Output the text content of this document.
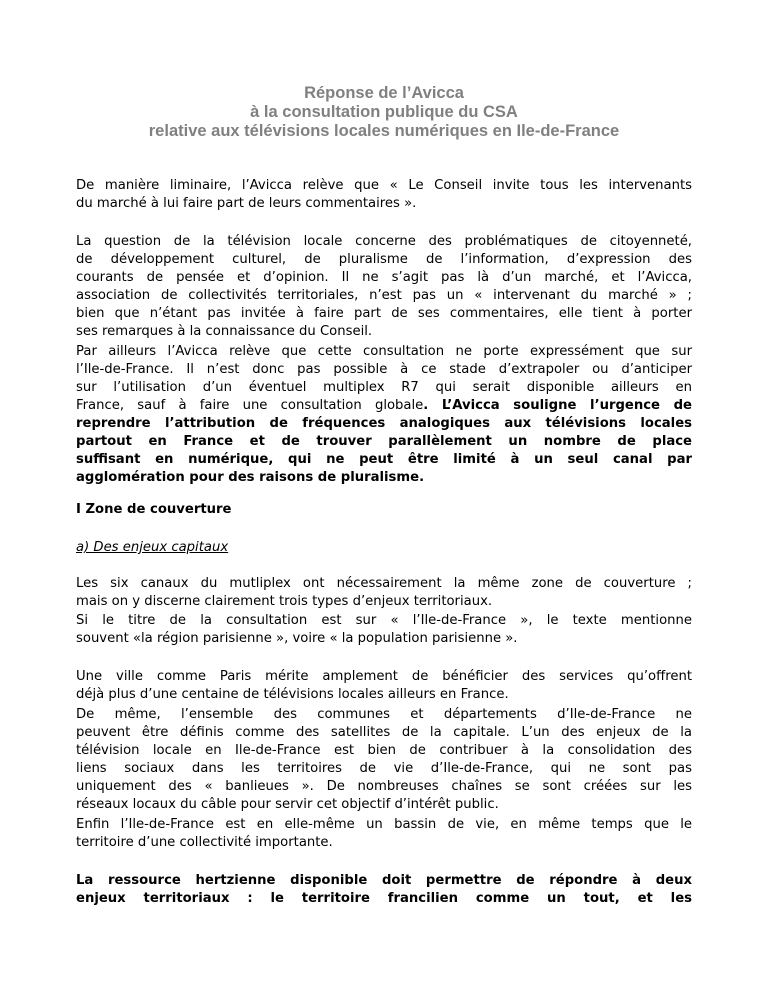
Réponse de l’Avicca
à la consultation publique du CSA
relative aux télévisions locales numériques en Ile-de-France

De manière liminaire, l’Avicca relève que « Le Conseil invite tous les intervenants
du marché à lui faire part de leurs commentaires ».

La question de la télévision locale concerne des problématiques de citoyenneté,
de développement culturel, de pluralisme de l’information, d’expression des
courants de pensée et d’opinion. Il ne s’agit pas là d’un marché, et l’Avicca,
association de collectivités territoriales, n’est pas un « intervenant du marché » ;
bien que n’étant pas invitée à faire part de ses commentaires, elle tient à porter
ses remarques à la connaissance du Conseil.

Par ailleurs l’Avicca relève que cette consultation ne porte expressément que sur
l’Ile-de-France. Il n’est donc pas possible à ce stade d’extrapoler ou d’anticiper
sur l’utilisation d’un éventuel multiplex R7 qui serait disponible ailleurs en
France, sauf à faire une consultation globale. L’Avicca souligne l’urgence de
reprendre l’attribution de fréquences analogiques aux télévisions locales
partout en France et de trouver parallèlement un nombre de place
suffisant en numérique, qui ne peut être limité à un seul canal par
agglomération pour des raisons de pluralisme.

I Zone de couverture
a) Des enjeux capitaux

Les six canaux du mutliplex ont nécessairement la même zone de couverture ;
mais on y discerne clairement trois types d’enjeux territoriaux.

Si le titre de la consultation est sur « l’Ile-de-France », le texte mentionne
souvent «la région parisienne », voire « la population parisienne ».

Une ville comme Paris mérite amplement de bénéficier des services qu’offrent
déjà plus d’une centaine de télévisions locales ailleurs en France.

De même, l’ensemble des communes et départements d’Ile-de-France ne
peuvent être définis comme des satellites de la capitale. L’un des enjeux de la
télévision locale en Ile-de-France est bien de contribuer à la consolidation des
liens sociaux dans les territoires de vie d’Ile-de-France, qui ne sont pas
uniquement des « banlieues ». De nombreuses chaînes se sont créées sur les
réseaux locaux du câble pour servir cet objectif d’intérêt public.

Enfin l’Ile-de-France est en elle-même un bassin de vie, en même temps que le
territoire d’une collectivité importante.

La ressource hertzienne disponible doit permettre de répondre à deux
enjeux territoriaux : le territoire francilien comme un tout, et les
